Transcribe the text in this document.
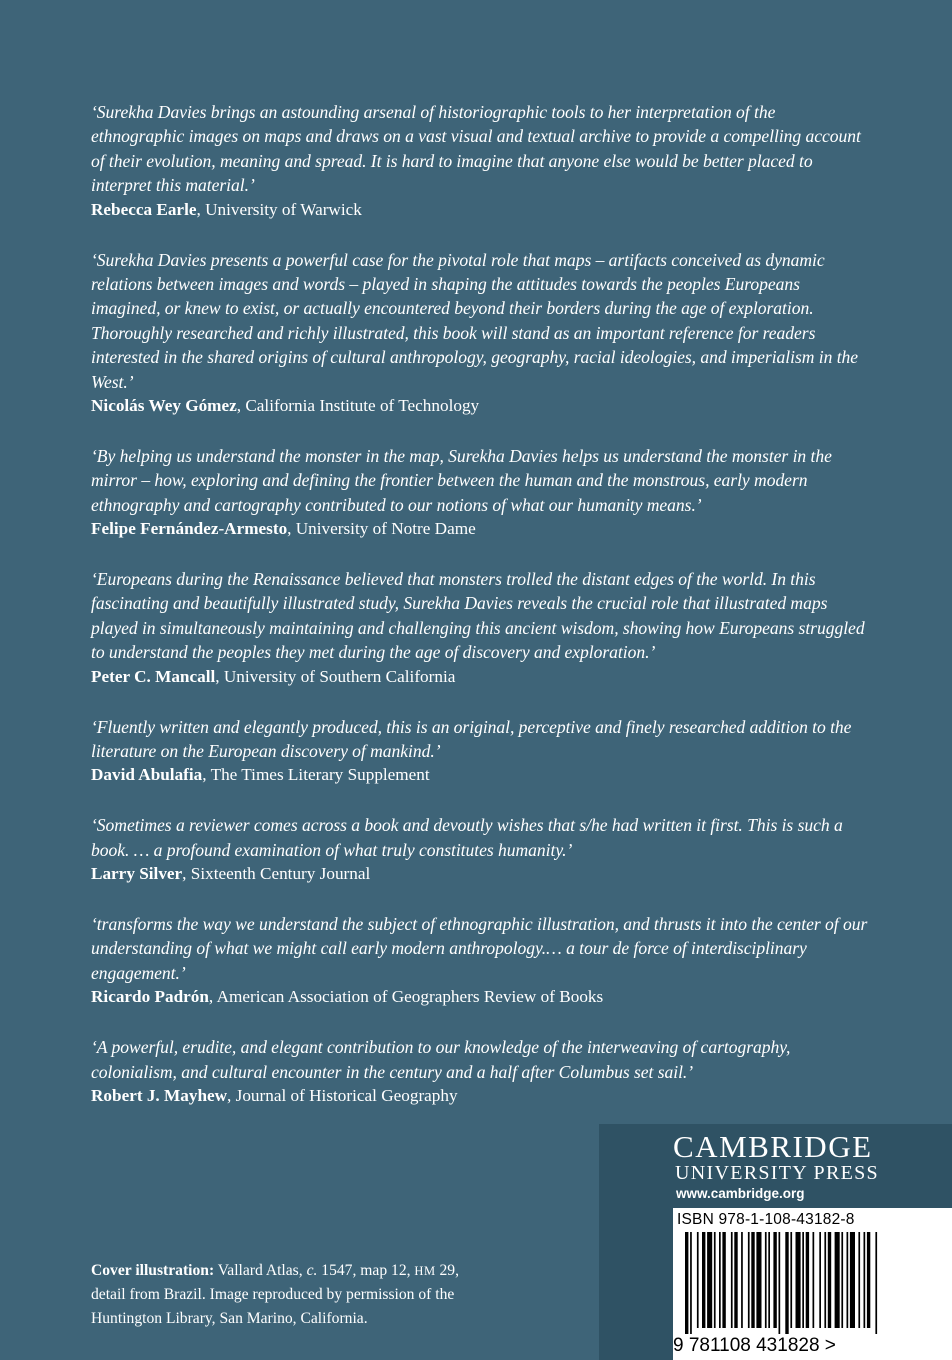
‘Surekha Davies brings an astounding arsenal of historiographic tools to her interpretation of the ethnographic images on maps and draws on a vast visual and textual archive to provide a compelling account of their evolution, meaning and spread. It is hard to imagine that anyone else would be better placed to interpret this material.’

Rebecca Earle, University of Warwick

‘Surekha Davies presents a powerful case for the pivotal role that maps – artifacts conceived as dynamic relations between images and words – played in shaping the attitudes towards the peoples Europeans imagined, or knew to exist, or actually encountered beyond their borders during the age of exploration. Thoroughly researched and richly illustrated, this book will stand as an important reference for readers interested in the shared origins of cultural anthropology, geography, racial ideologies, and imperialism in the West.’

Nicolás Wey Gómez, California Institute of Technology

‘By helping us understand the monster in the map, Surekha Davies helps us understand the monster in the mirror – how, exploring and defining the frontier between the human and the monstrous, early modern ethnography and cartography contributed to our notions of what our humanity means.’

Felipe Fernández-Armesto, University of Notre Dame

‘Europeans during the Renaissance believed that monsters trolled the distant edges of the world. In this fascinating and beautifully illustrated study, Surekha Davies reveals the crucial role that illustrated maps played in simultaneously maintaining and challenging this ancient wisdom, showing how Europeans struggled to understand the peoples they met during the age of discovery and exploration.’

Peter C. Mancall, University of Southern California

‘Fluently written and elegantly produced, this is an original, perceptive and finely researched addition to the literature on the European discovery of mankind.’

David Abulafia, The Times Literary Supplement

‘Sometimes a reviewer comes across a book and devoutly wishes that s/he had written it first. This is such a book. … a profound examination of what truly constitutes humanity.’

Larry Silver, Sixteenth Century Journal

‘transforms the way we understand the subject of ethnographic illustration, and thrusts it into the center of our understanding of what we might call early modern anthropology.… a tour de force of interdisciplinary engagement.’

Ricardo Padrón, American Association of Geographers Review of Books

‘A powerful, erudite, and elegant contribution to our knowledge of the interweaving of cartography, colonialism, and cultural encounter in the century and a half after Columbus set sail.’

Robert J. Mayhew, Journal of Historical Geography

Cover illustration: Vallard Atlas, c. 1547, map 12, HM 29,
detail from Brazil. Image reproduced by permission of the Huntington Library, San Marino, California.
CAMBRIDGE
UNIVERSITY PRESS
www.cambridge.org
ISBN 978-1-108-43182-8
9 781108 431828 >
